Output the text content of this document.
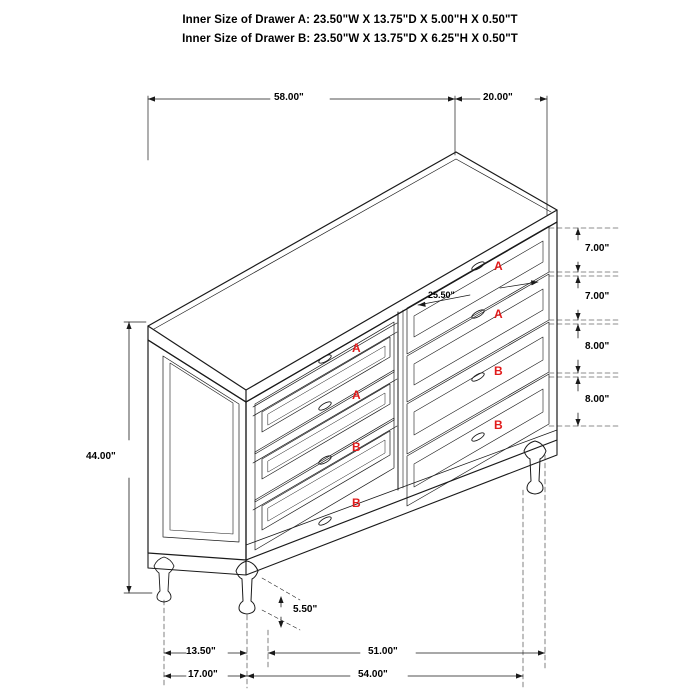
Inner Size of Drawer A: 23.50"W X 13.75"D X 5.00"H X 0.50"T
Inner Size of Drawer B: 23.50"W X 13.75"D X 6.25"H X 0.50"T
58.00"	20.00"
7.00"
7.00"
8.00"
8.00"
44.00"
25.50"
5.50"
13.50"	51.00"
17.00"	54.00"
A
A
B
B
A
A
B
B
